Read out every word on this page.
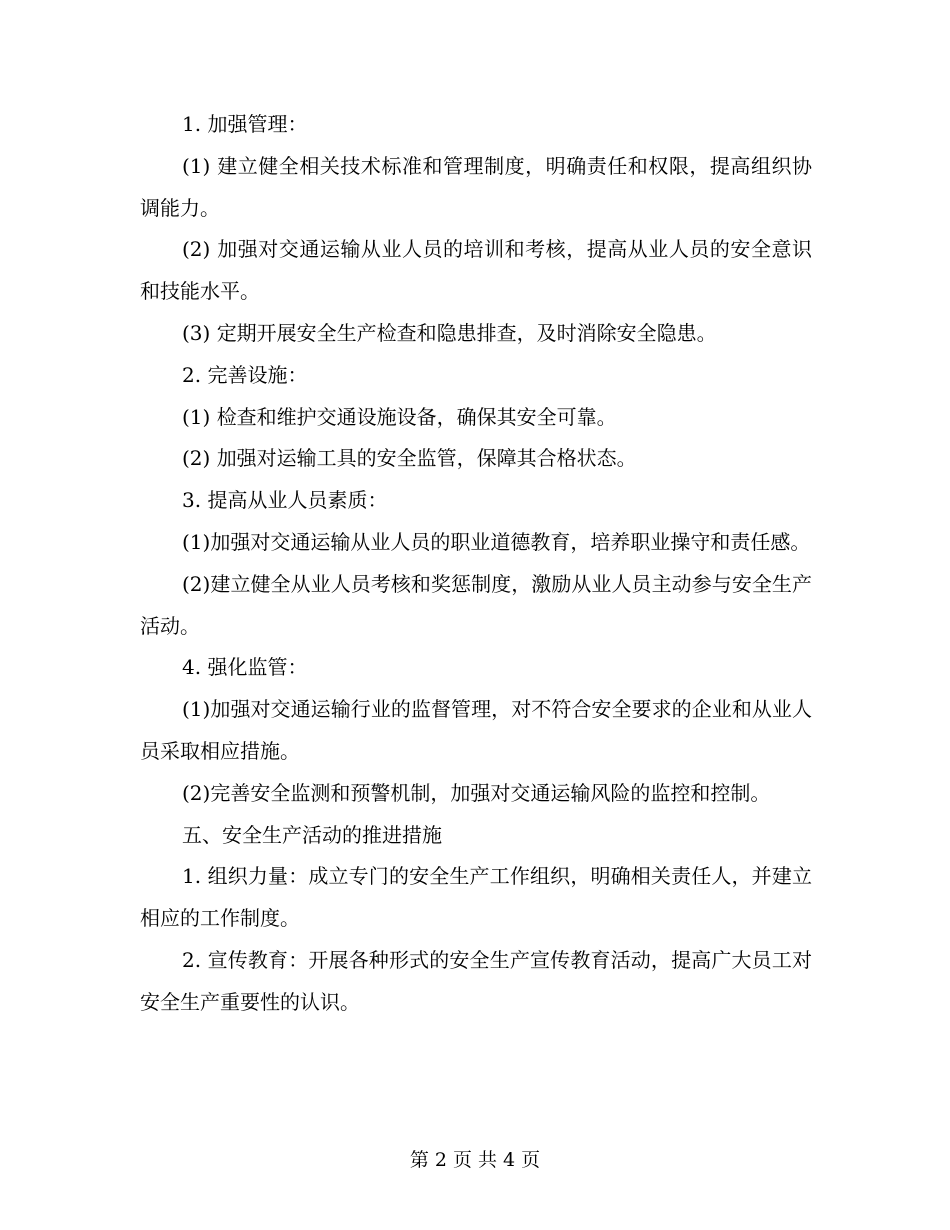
1. 加强管理：

(1) 建立健全相关技术标准和管理制度，明确责任和权限，提高组织协调能力。

(2) 加强对交通运输从业人员的培训和考核，提高从业人员的安全意识和技能水平。

(3) 定期开展安全生产检查和隐患排查，及时消除安全隐患。

2. 完善设施：

(1) 检查和维护交通设施设备，确保其安全可靠。

(2) 加强对运输工具的安全监管，保障其合格状态。

3. 提高从业人员素质：

(1)加强对交通运输从业人员的职业道德教育，培养职业操守和责任感。

(2)建立健全从业人员考核和奖惩制度，激励从业人员主动参与安全生产活动。

4. 强化监管：

(1)加强对交通运输行业的监督管理，对不符合安全要求的企业和从业人员采取相应措施。

(2)完善安全监测和预警机制，加强对交通运输风险的监控和控制。

五、安全生产活动的推进措施

1. 组织力量：成立专门的安全生产工作组织，明确相关责任人，并建立相应的工作制度。

2. 宣传教育：开展各种形式的安全生产宣传教育活动，提高广大员工对安全生产重要性的认识。

第 2 页 共 4 页
